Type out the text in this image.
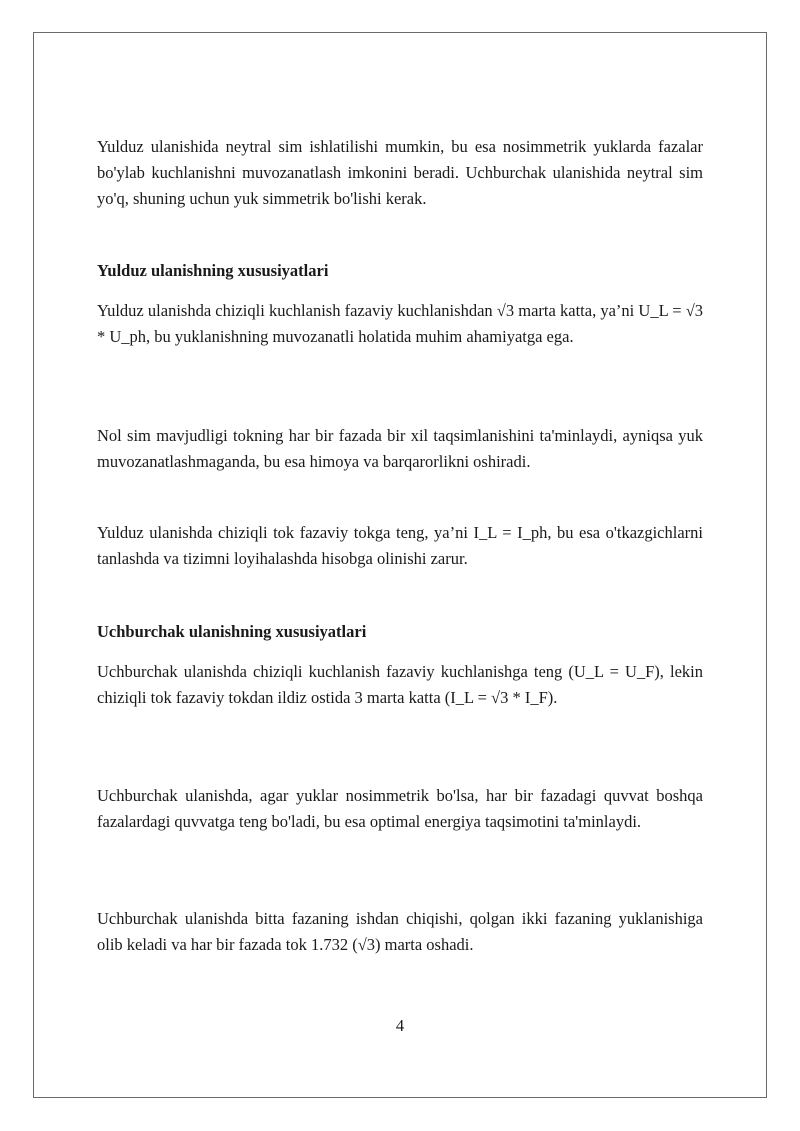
Yulduz ulanishida neytral sim ishlatilishi mumkin, bu esa nosimmetrik yuklarda fazalar bo'ylab kuchlanishni muvozanatlash imkonini beradi. Uchburchak ulanishida neytral sim yo'q, shuning uchun yuk simmetrik bo'lishi kerak.

Yulduz ulanishning xususiyatlari

Yulduz ulanishda chiziqli kuchlanish fazaviy kuchlanishdan √3 marta katta, ya’ni U_L = √3 * U_ph, bu yuklanishning muvozanatli holatida muhim ahamiyatga ega.

Nol sim mavjudligi tokning har bir fazada bir xil taqsimlanishini ta'minlaydi, ayniqsa yuk muvozanatlashmaganda, bu esa himoya va barqarorlikni oshiradi.

Yulduz ulanishda chiziqli tok fazaviy tokga teng, ya’ni I_L = I_ph, bu esa o'tkazgichlarni tanlashda va tizimni loyihalashda hisobga olinishi zarur.

Uchburchak ulanishning xususiyatlari

Uchburchak ulanishda chiziqli kuchlanish fazaviy kuchlanishga teng (U_L = U_F), lekin chiziqli tok fazaviy tokdan ildiz ostida 3 marta katta (I_L = √3 * I_F).

Uchburchak ulanishda, agar yuklar nosimmetrik bo'lsa, har bir fazadagi quvvat boshqa fazalardagi quvvatga teng bo'ladi, bu esa optimal energiya taqsimotini ta'minlaydi.

Uchburchak ulanishda bitta fazaning ishdan chiqishi, qolgan ikki fazaning yuklanishiga olib keladi va har bir fazada tok 1.732 (√3) marta oshadi.

4
